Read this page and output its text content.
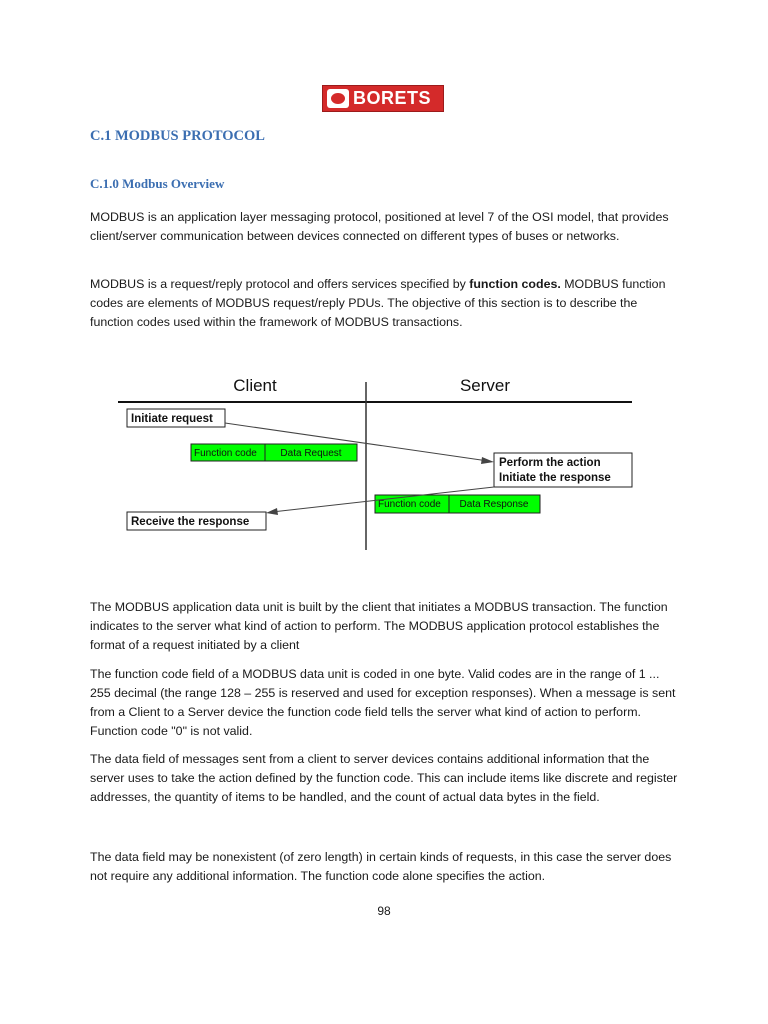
BORETS
C.1 MODBUS PROTOCOL
C.1.0 Modbus Overview

MODBUS is an application layer messaging protocol, positioned at level 7 of the OSI model, that provides client/server communication between devices connected on different types of buses or networks.

MODBUS is a request/reply protocol and offers services specified by function codes. MODBUS function codes are elements of MODBUS request/reply PDUs. The objective of this section is to describe the function codes used within the framework of MODBUS transactions.

Client	Server
Initiate request
Function code Data Request
Perform the action
Initiate the response
Function code Data Response
Receive the response

The MODBUS application data unit is built by the client that initiates a MODBUS transaction. The function indicates to the server what kind of action to perform. The MODBUS application protocol establishes the format of a request initiated by a client

The function code field of a MODBUS data unit is coded in one byte. Valid codes are in the range of 1 ... 255 decimal (the range 128 – 255 is reserved and used for exception responses). When a message is sent from a Client to a Server device the function code field tells the server what kind of action to perform. Function code "0" is not valid.

The data field of messages sent from a client to server devices contains additional information that the server uses to take the action defined by the function code. This can include items like discrete and register addresses, the quantity of items to be handled, and the count of actual data bytes in the field.

The data field may be nonexistent (of zero length) in certain kinds of requests, in this case the server does not require any additional information. The function code alone specifies the action.

98
